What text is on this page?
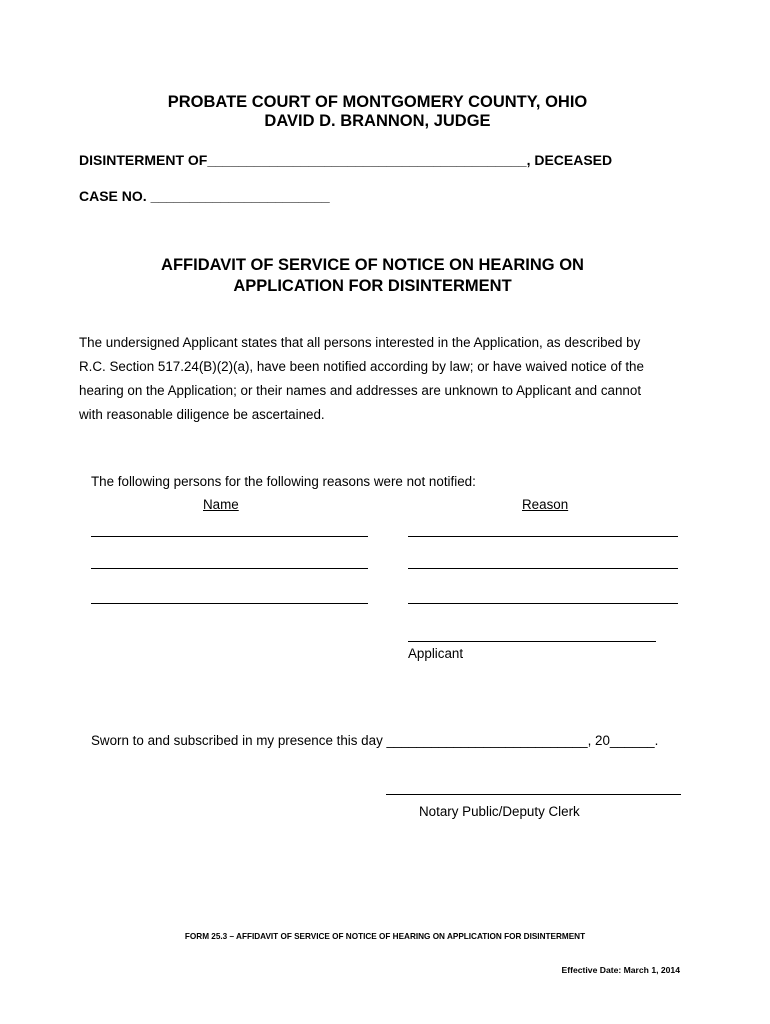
PROBATE COURT OF MONTGOMERY COUNTY, OHIO
DAVID D. BRANNON, JUDGE
DISINTERMENT OF_________________________________________, DECEASED
CASE NO. _______________________
AFFIDAVIT OF SERVICE OF NOTICE ON HEARING ON
APPLICATION FOR DISINTERMENT
The undersigned Applicant states that all persons interested in the Application, as described by
R.C. Section 517.24(B)(2)(a), have been notified according by law; or have waived notice of the
hearing on the Application; or their names and addresses are unknown to Applicant and cannot
with reasonable diligence be ascertained.
The following persons for the following reasons were not notified:
Name	Reason
Applicant
Sworn to and subscribed in my presence this day ___________________________, 20______.
Notary Public/Deputy Clerk
FORM 25.3 – AFFIDAVIT OF SERVICE OF NOTICE OF HEARING ON APPLICATION FOR DISINTERMENT
Effective Date: March 1, 2014
